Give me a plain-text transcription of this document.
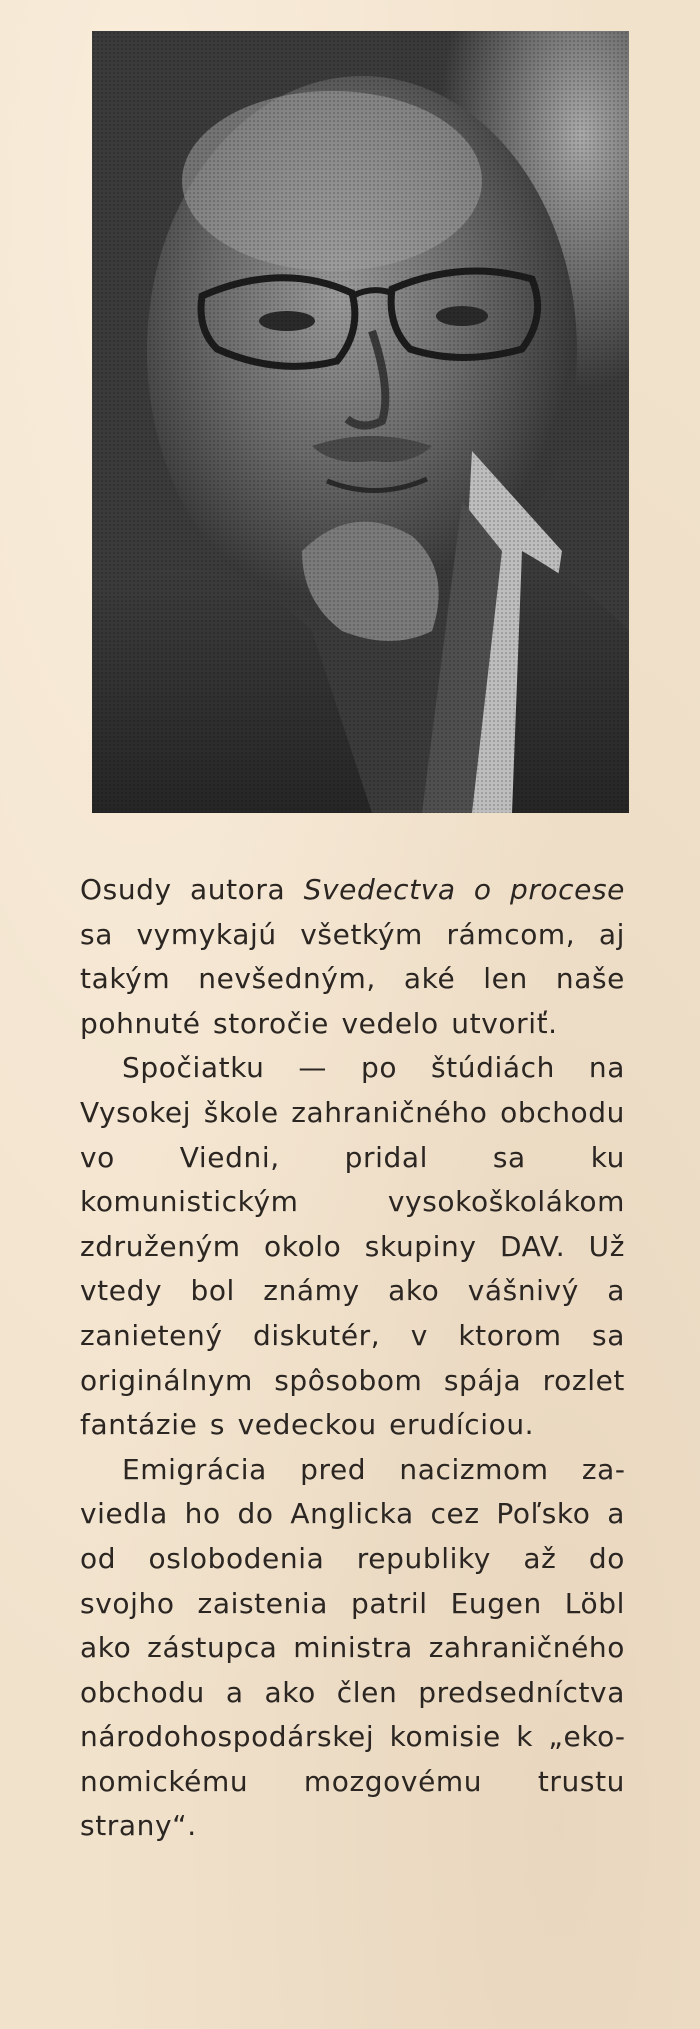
Osudy autora Svedectva o procese sa vymykajú všetkým rámcom, aj takým nevšedným, aké len naše pohnuté storočie vedelo utvoriť.

Spočiatku — po štúdiách na Vysokej škole zahraničného obchodu vo Viedni, pridal sa ku komunistickým vysokoškolákom združeným okolo skupiny DAV. Už vtedy bol známy ako vášnivý a zanietený diskutér, v ktorom sa originálnym spôsobom spája rozlet fantázie s vedeckou erudíciou.

Emigrácia pred nacizmom zaviedla ho do Anglicka cez Poľsko a od oslobodenia republiky až do svojho zaistenia patril Eugen Löbl ako zástupca ministra zahraničného obchodu a ako člen predsedníctva národohospodárskej komisie k „ekonomickému mozgovému trustu strany“.
